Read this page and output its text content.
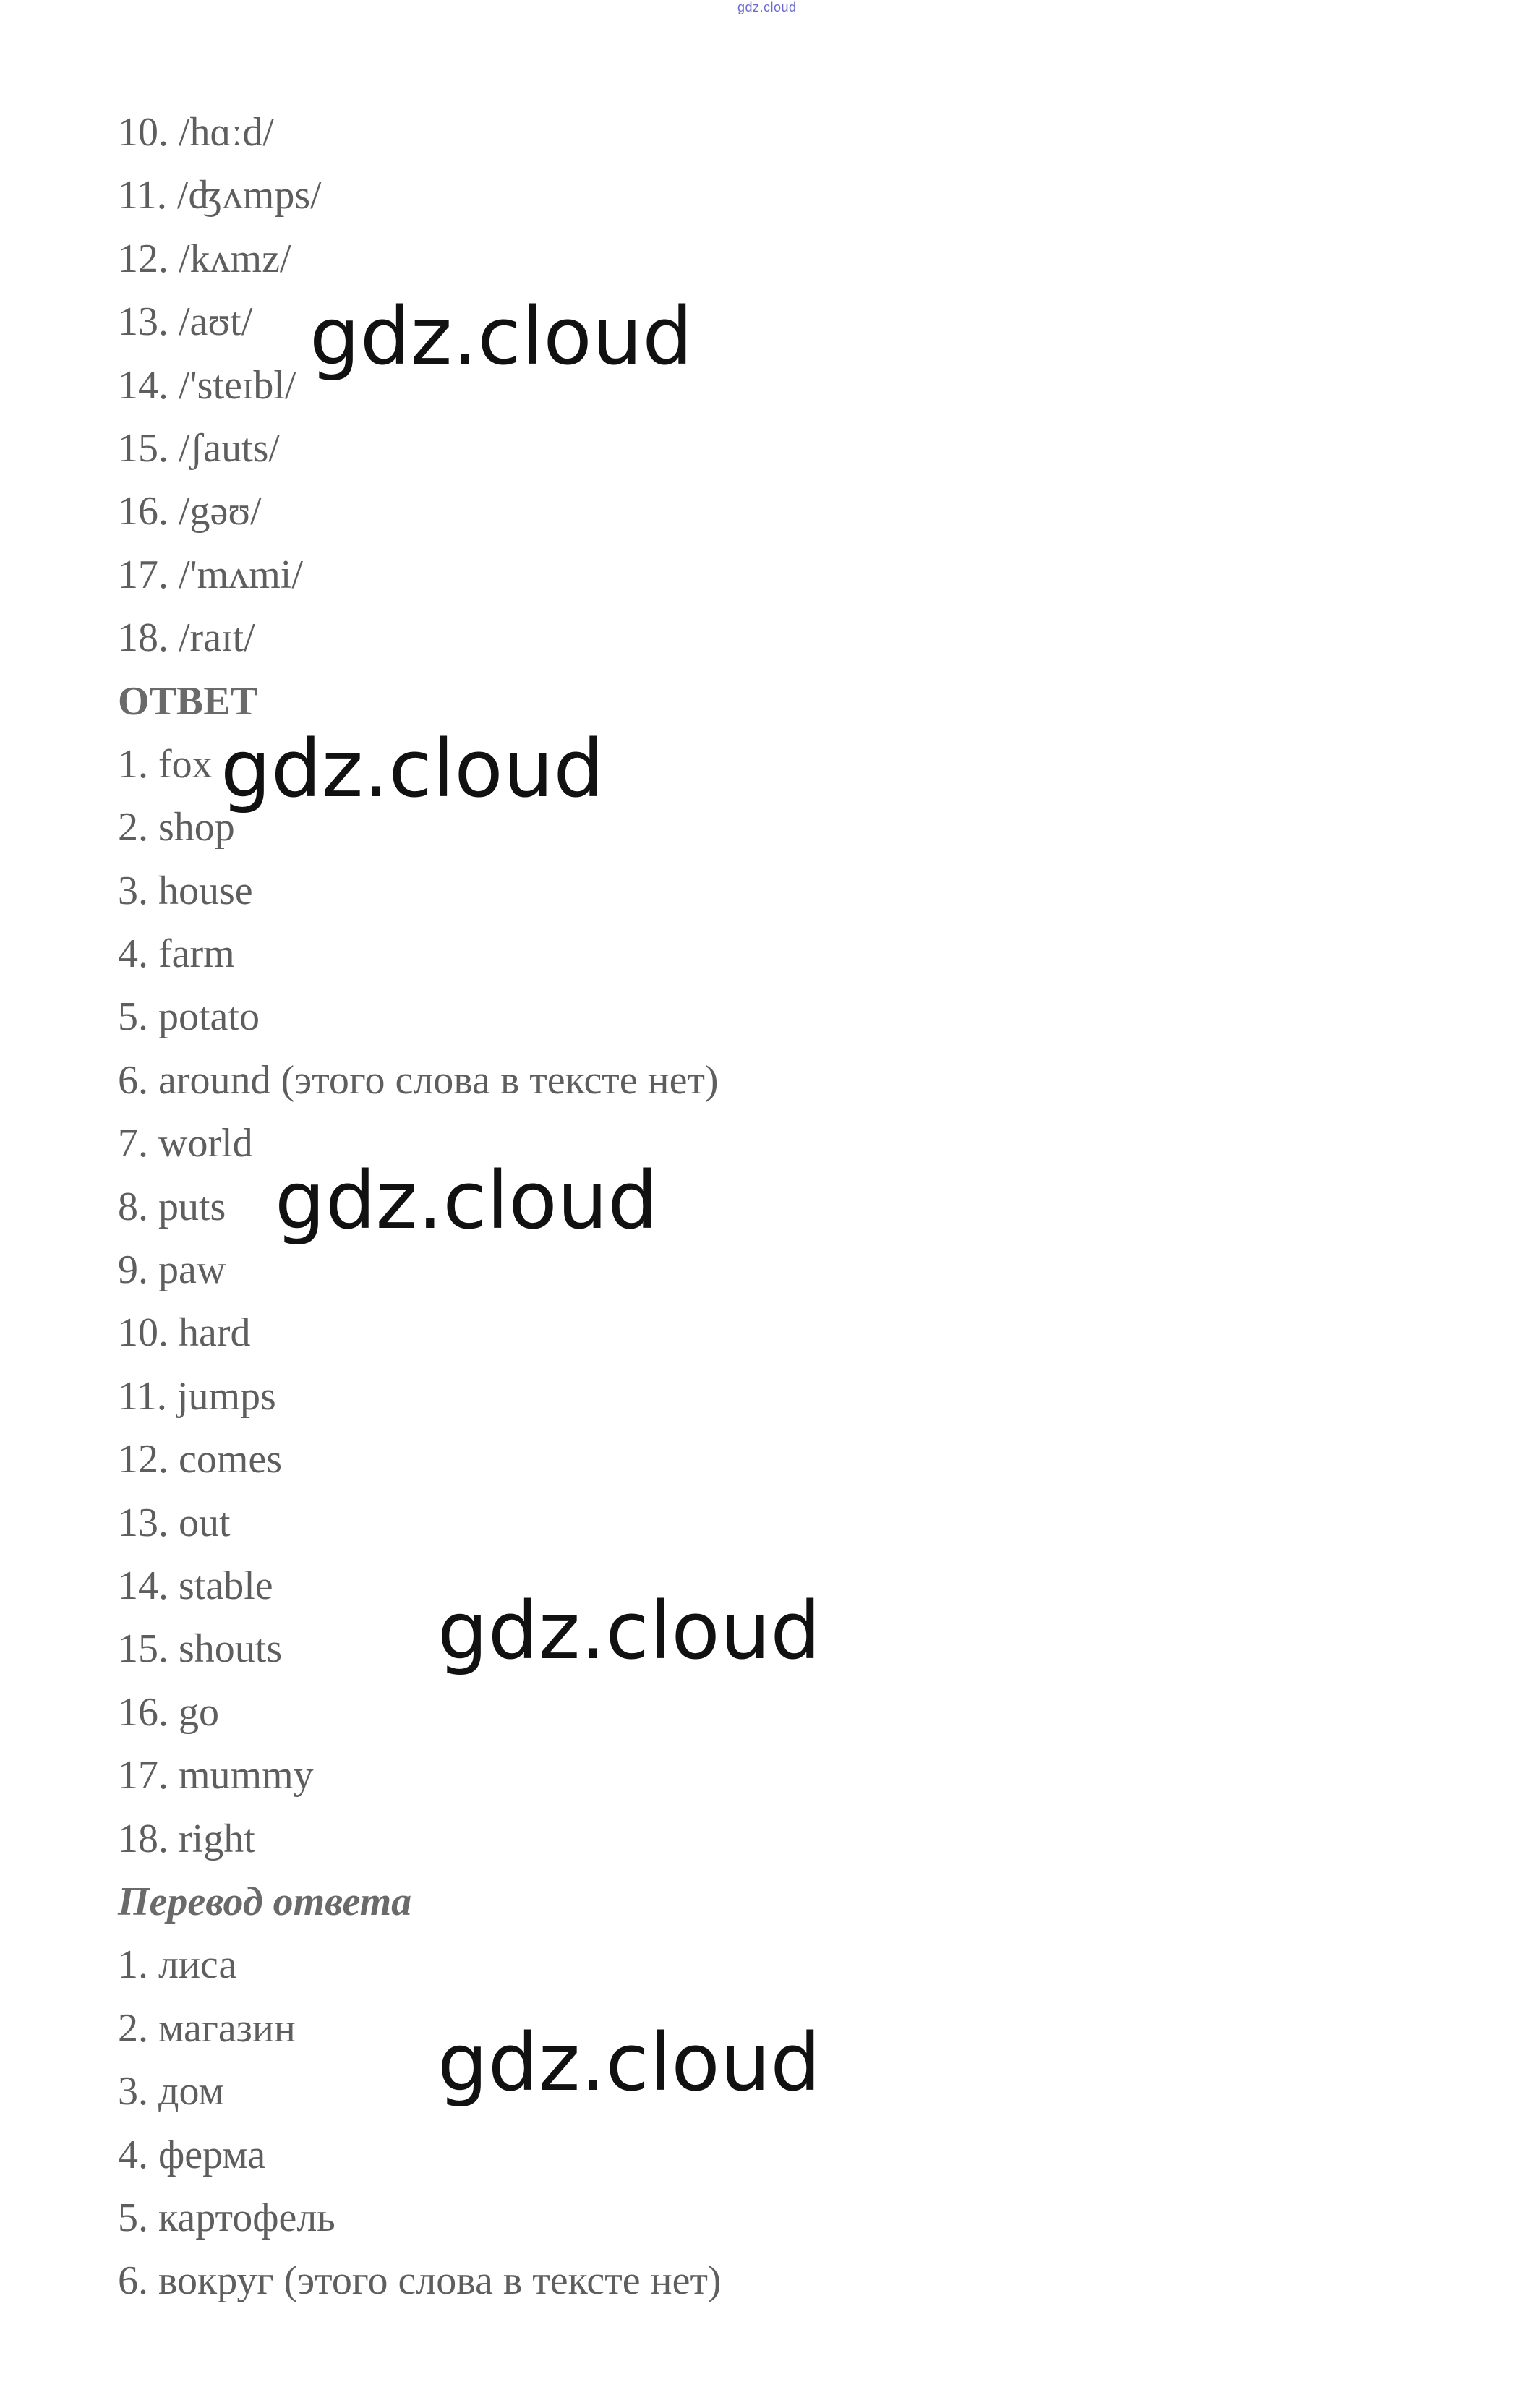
gdz.cloud
10. /hɑːd/
11. /ʤʌmps/
12. /kʌmz/
13. /aʊt/
14. /'steɪbl/
15. /ʃauts/
16. /gəʊ/
17. /'mʌmi/
18. /raɪt/
ОТВЕТ
1. fox
2. shop
3. house
4. farm
5. potato
6. around (этого слова в тексте нет)
7. world
8. puts
9. paw
10. hard
11. jumps
12. comes
13. out
14. stable
15. shouts
16. go
17. mummy
18. right
Перевод ответа
1. лиса
2. магазин
3. дом
4. ферма
5. картофель
6. вокруг (этого слова в тексте нет)
gdz.cloud
gdz.cloud
gdz.cloud
gdz.cloud
gdz.cloud
